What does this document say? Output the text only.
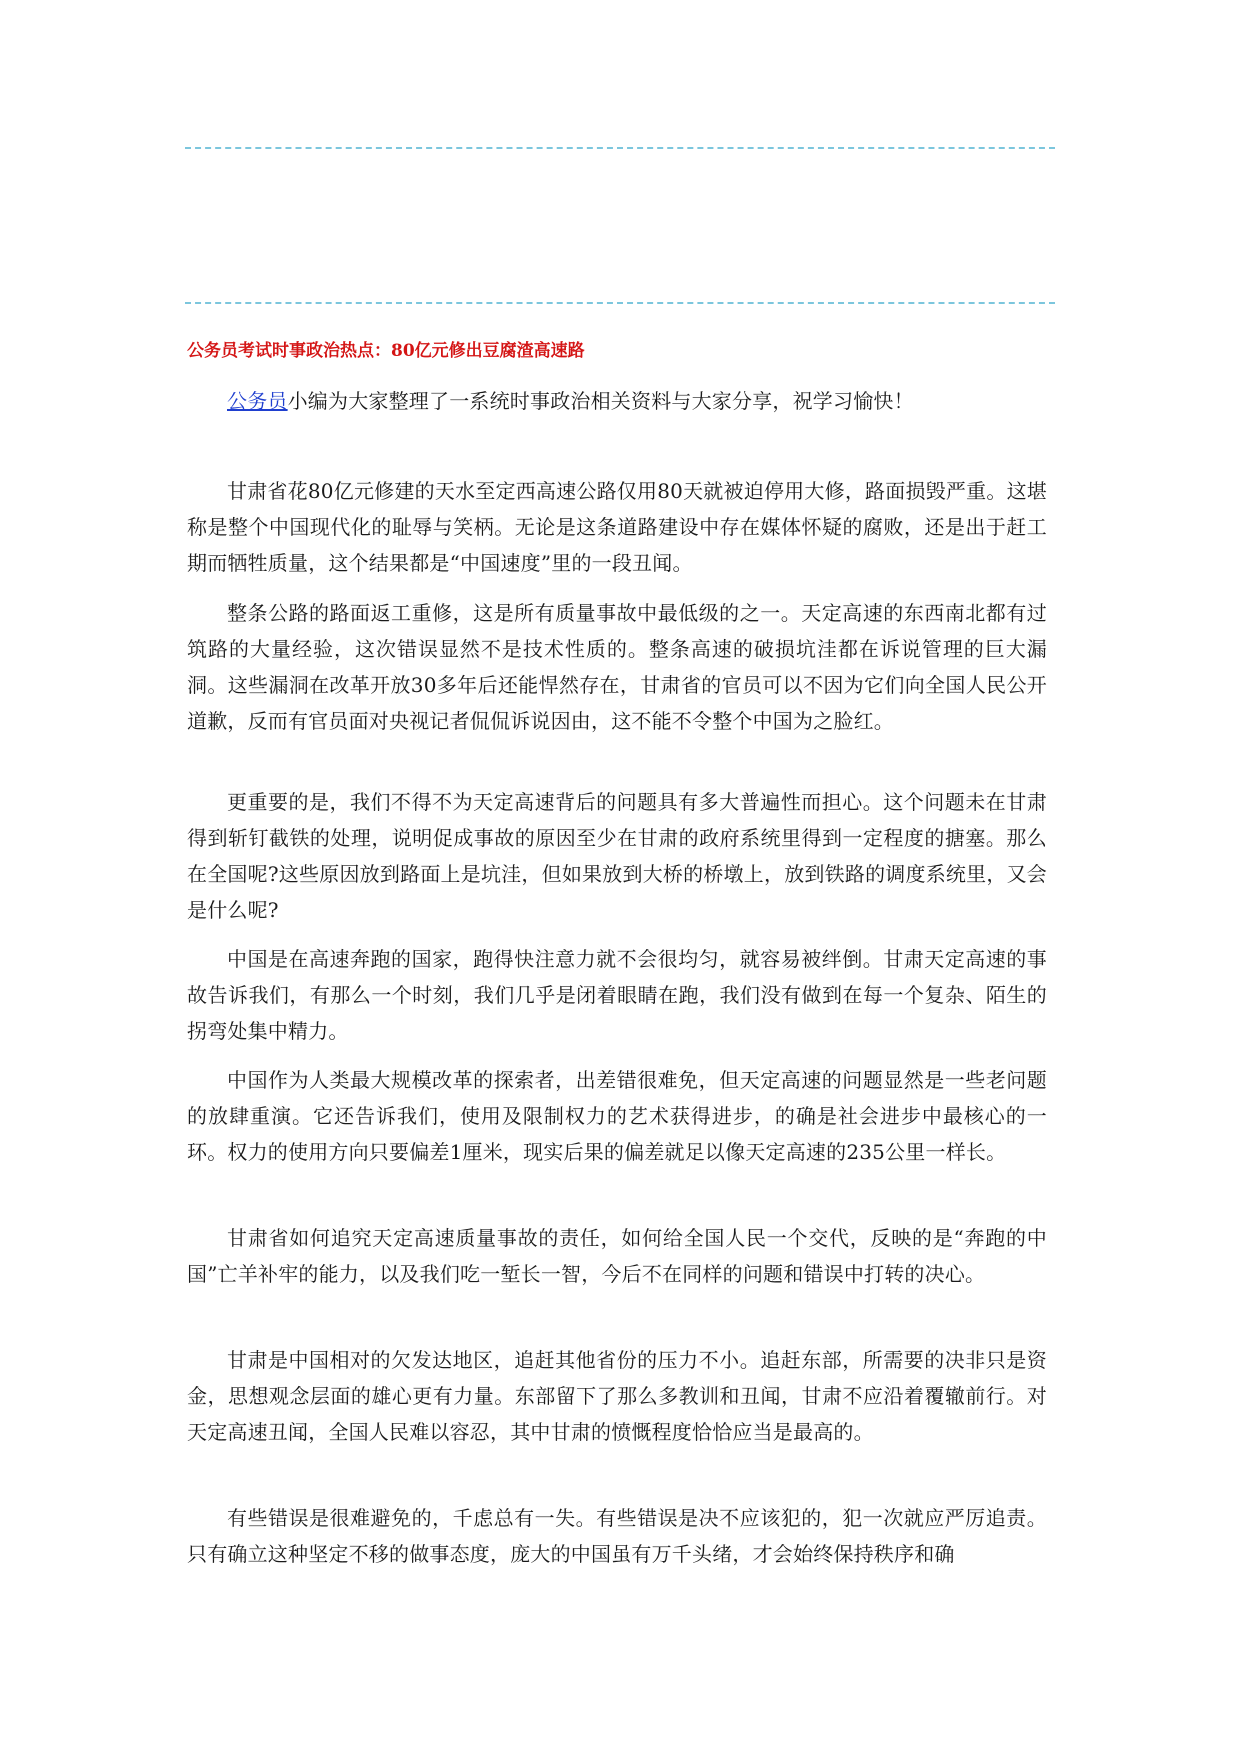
公务员考试时事政治热点：80亿元修出豆腐渣高速路

公务员小编为大家整理了一系统时事政治相关资料与大家分享，祝学习愉快！

甘肃省花80亿元修建的天水至定西高速公路仅用80天就被迫停用大修，路面损毁严重。这堪称是整个中国现代化的耻辱与笑柄。无论是这条道路建设中存在媒体怀疑的腐败，还是出于赶工期而牺牲质量，这个结果都是“中国速度”里的一段丑闻。

整条公路的路面返工重修，这是所有质量事故中最低级的之一。天定高速的东西南北都有过筑路的大量经验，这次错误显然不是技术性质的。整条高速的破损坑洼都在诉说管理的巨大漏洞。这些漏洞在改革开放30多年后还能悍然存在，甘肃省的官员可以不因为它们向全国人民公开道歉，反而有官员面对央视记者侃侃诉说因由，这不能不令整个中国为之脸红。

更重要的是，我们不得不为天定高速背后的问题具有多大普遍性而担心。这个问题未在甘肃得到斩钉截铁的处理，说明促成事故的原因至少在甘肃的政府系统里得到一定程度的搪塞。那么在全国呢?这些原因放到路面上是坑洼，但如果放到大桥的桥墩上，放到铁路的调度系统里，又会是什么呢?

中国是在高速奔跑的国家，跑得快注意力就不会很均匀，就容易被绊倒。甘肃天定高速的事故告诉我们，有那么一个时刻，我们几乎是闭着眼睛在跑，我们没有做到在每一个复杂、陌生的拐弯处集中精力。

中国作为人类最大规模改革的探索者，出差错很难免，但天定高速的问题显然是一些老问题的放肆重演。它还告诉我们，使用及限制权力的艺术获得进步，的确是社会进步中最核心的一环。权力的使用方向只要偏差1厘米，现实后果的偏差就足以像天定高速的235公里一样长。

甘肃省如何追究天定高速质量事故的责任，如何给全国人民一个交代，反映的是“奔跑的中国”亡羊补牢的能力，以及我们吃一堑长一智，今后不在同样的问题和错误中打转的决心。

甘肃是中国相对的欠发达地区，追赶其他省份的压力不小。追赶东部，所需要的决非只是资金，思想观念层面的雄心更有力量。东部留下了那么多教训和丑闻，甘肃不应沿着覆辙前行。对天定高速丑闻，全国人民难以容忍，其中甘肃的愤慨程度恰恰应当是最高的。

有些错误是很难避免的，千虑总有一失。有些错误是决不应该犯的，犯一次就应严厉追责。只有确立这种坚定不移的做事态度，庞大的中国虽有万千头绪，才会始终保持秩序和确
